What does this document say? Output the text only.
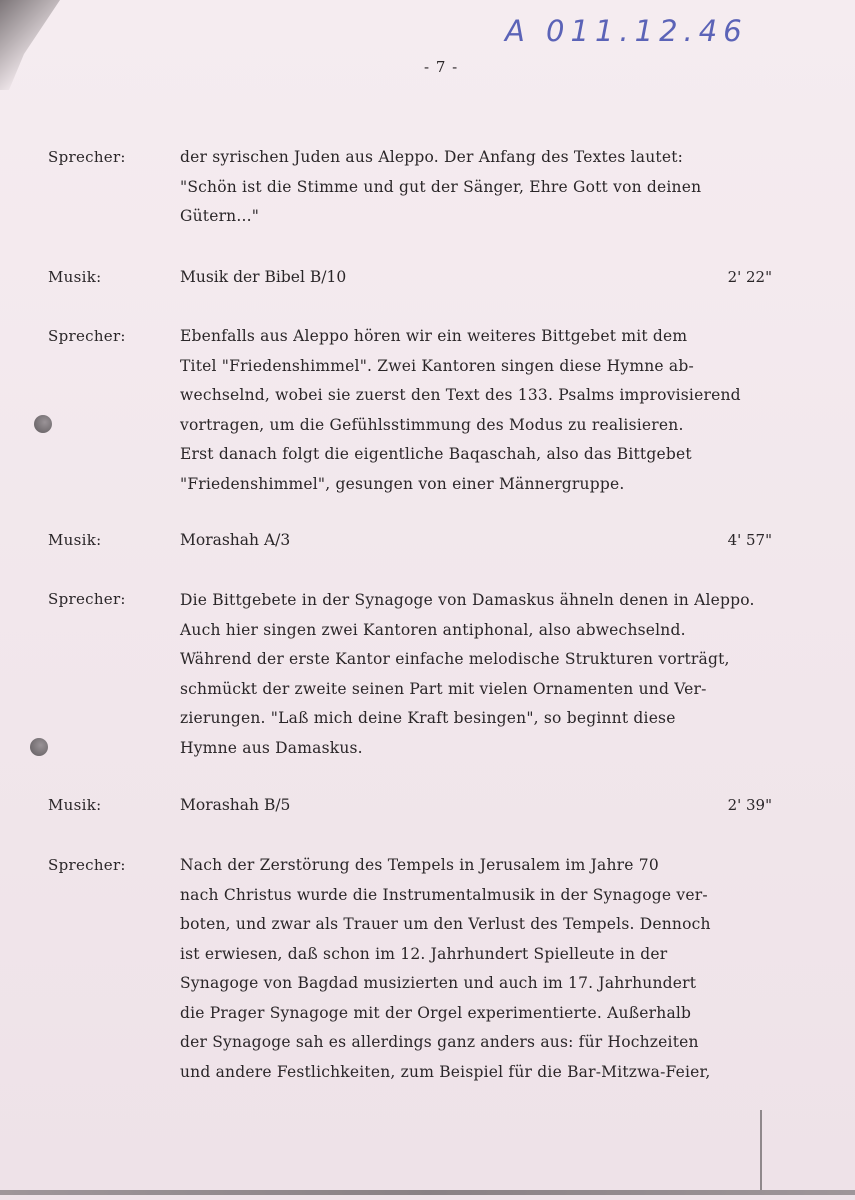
A 011.12.46
- 7 -
Sprecher:	der syrischen Juden aus Aleppo. Der Anfang des Textes lautet:
"Schön ist die Stimme und gut der Sänger, Ehre Gott von deinen
Gütern..."
Musik:	Musik der Bibel B/10	2' 22"
Sprecher:	Ebenfalls aus Aleppo hören wir ein weiteres Bittgebet mit dem
Titel "Friedenshimmel". Zwei Kantoren singen diese Hymne ab-
wechselnd, wobei sie zuerst den Text des 133. Psalms improvisierend
vortragen, um die Gefühlsstimmung des Modus zu realisieren.
Erst danach folgt die eigentliche Baqaschah, also das Bittgebet
"Friedenshimmel", gesungen von einer Männergruppe.
Musik:	Morashah A/3	4' 57"
Sprecher:	Die Bittgebete in der Synagoge von Damaskus ähneln denen in Aleppo.
Auch hier singen zwei Kantoren antiphonal, also abwechselnd.
Während der erste Kantor einfache melodische Strukturen vorträgt,
schmückt der zweite seinen Part mit vielen Ornamenten und Ver-
zierungen. "Laß mich deine Kraft besingen", so beginnt diese
Hymne aus Damaskus.
Musik:	Morashah B/5	2' 39"
Sprecher:	Nach der Zerstörung des Tempels in Jerusalem im Jahre 70
nach Christus wurde die Instrumentalmusik in der Synagoge ver-
boten, und zwar als Trauer um den Verlust des Tempels. Dennoch
ist erwiesen, daß schon im 12. Jahrhundert Spielleute in der
Synagoge von Bagdad musizierten und auch im 17. Jahrhundert
die Prager Synagoge mit der Orgel experimentierte. Außerhalb
der Synagoge sah es allerdings ganz anders aus: für Hochzeiten
und andere Festlichkeiten, zum Beispiel für die Bar-Mitzwa-Feier,
